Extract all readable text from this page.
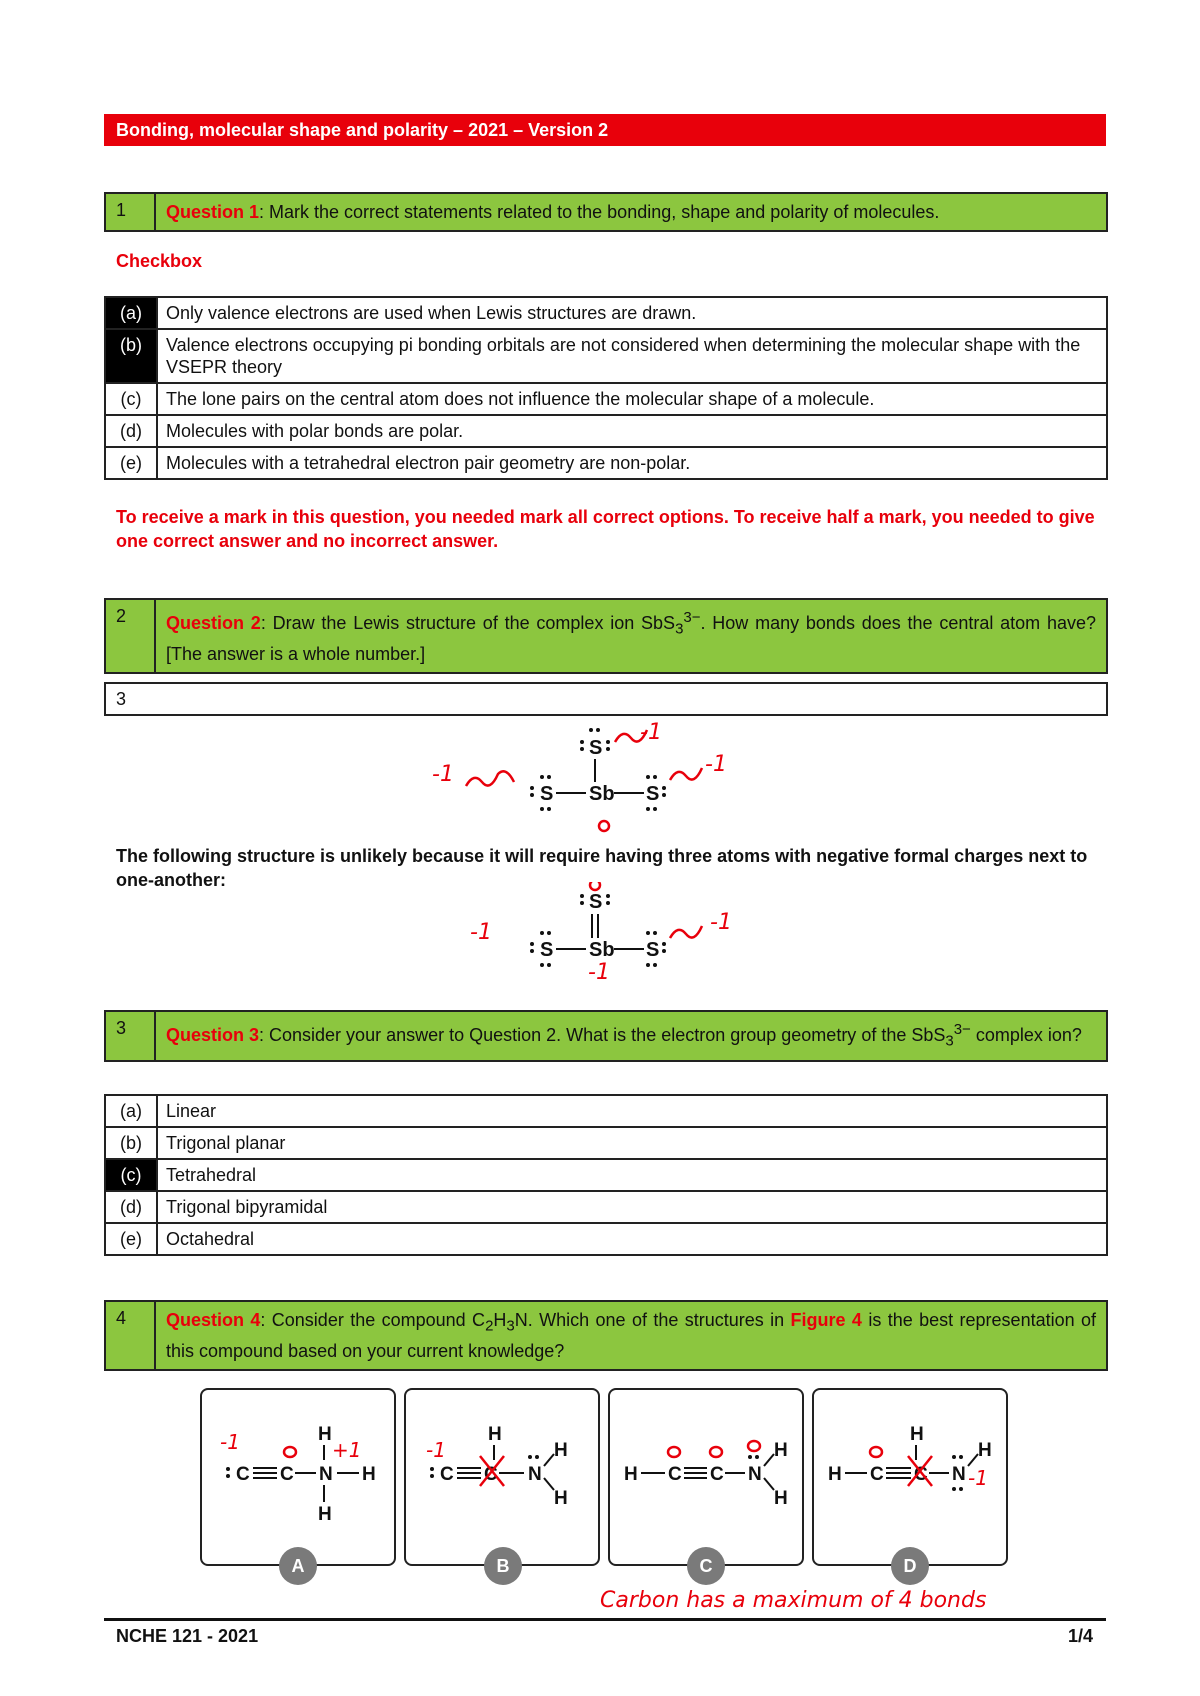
Bonding, molecular shape and polarity – 2021 – Version 2
1	Question 1: Mark the correct statements related to the bonding, shape and polarity of molecules.
Checkbox
(a)	Only valence electrons are used when Lewis structures are drawn.
(b)	Valence electrons occupying pi bonding orbitals are not considered when determining the molecular shape with the VSEPR theory
(c)	The lone pairs on the central atom does not influence the molecular shape of a molecule.
(d)	Molecules with polar bonds are polar.
(e)	Molecules with a tetrahedral electron pair geometry are non-polar.
To receive a mark in this question, you needed mark all correct options. To receive half a mark, you needed to give one correct answer and no incorrect answer.
2	Question 2: Draw the Lewis structure of the complex ion SbS$_3^{3-}$. How many bonds does the central atom have? [The answer is a whole number.]
3
S
S Sb S
-1
-1
-1
The following structure is unlikely because it will require having three atoms with negative formal charges next to one-another:
S
S Sb S
-1	-1
-1
3	Question 3: Consider your answer to Question 2. What is the electron group geometry of the SbS$_3^{3-}$ complex ion?
(a)	Linear
(b)	Trigonal planar
(c)	Tetrahedral
(d)	Trigonal bipyramidal
(e)	Octahedral
4	Question 4: Consider the compound $C_2H_3N$. Which one of the structures in Figure 4 is the best representation of this compound based on your current knowledge?
H
C C N H
H
-1	+1
H
C C N
H
H
-1
H C C N
H
H
H
H C C N
H
-1
A	B	C	D
Carbon has a maximum of 4 bonds
NCHE 121 - 2021	1/4
